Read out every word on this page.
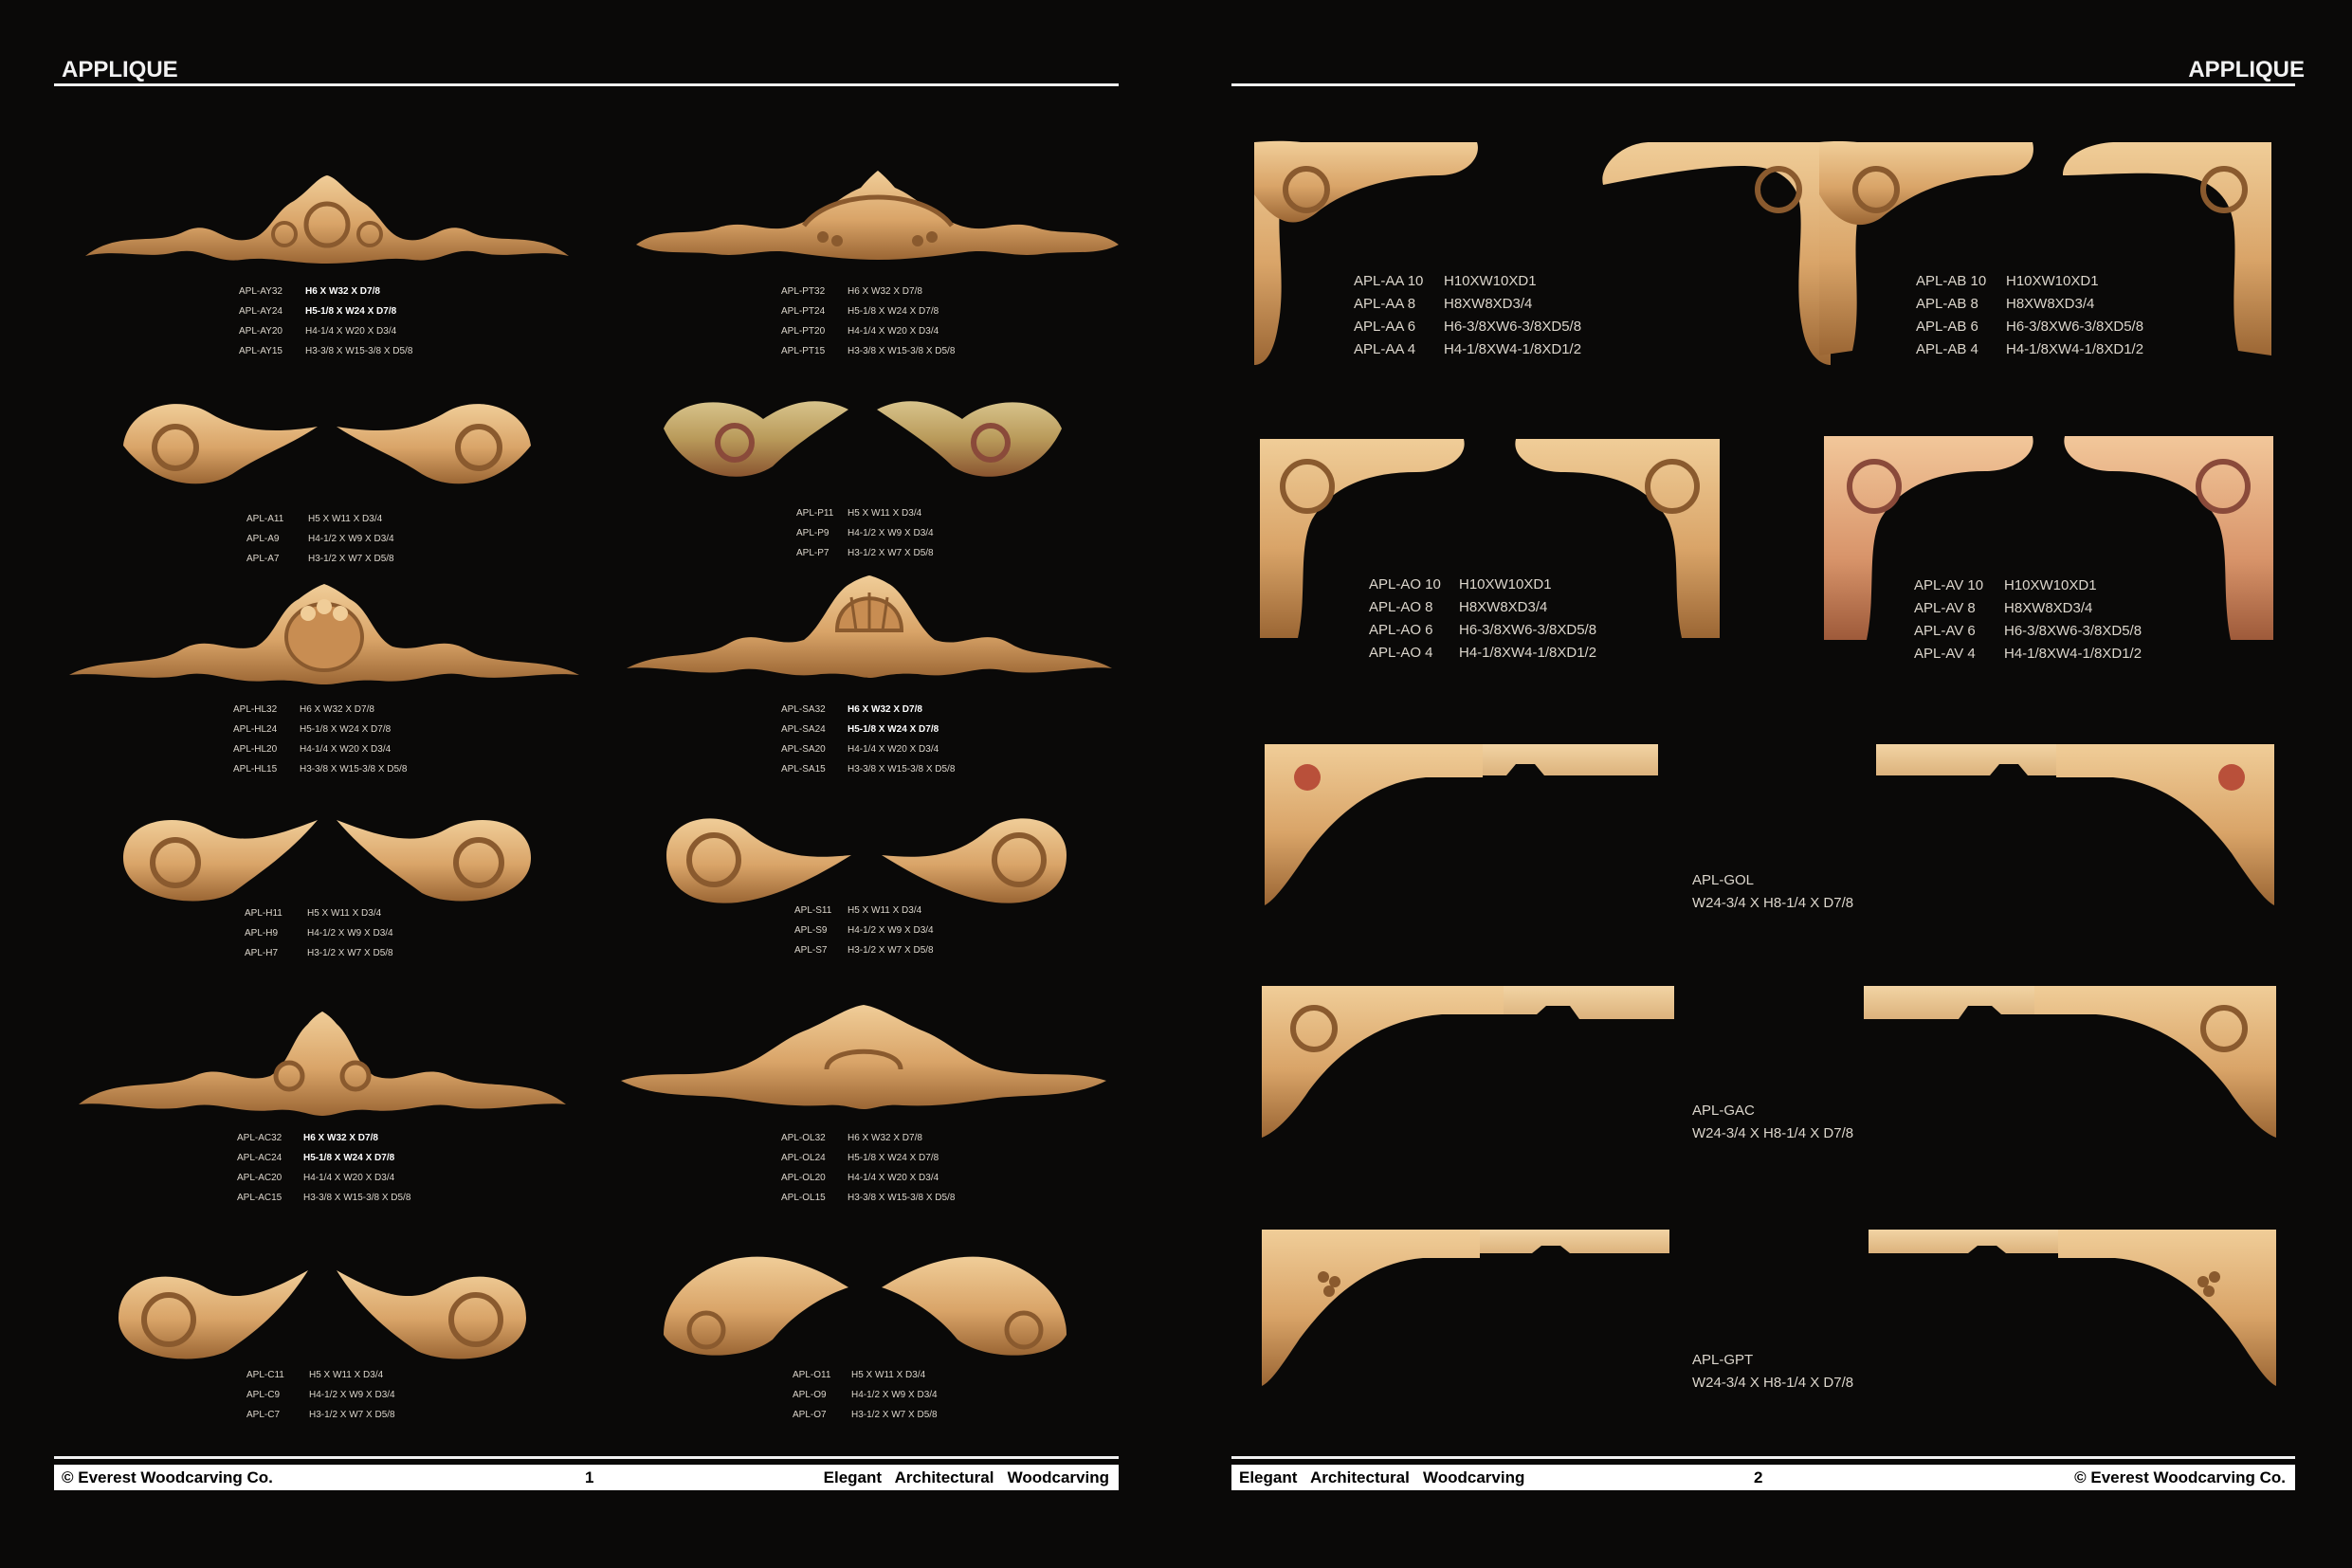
APPLIQUE
APL-AY32 H6 X W32 X D7/8
APL-AY24 H5-1/8 X W24 X D7/8
APL-AY20 H4-1/4 X W20 X D3/4
APL-AY15 H3-3/8 X W15-3/8 X D5/8
APL-PT32 H6 X W32 X D7/8
APL-PT24 H5-1/8 X W24 X D7/8
APL-PT20 H4-1/4 X W20 X D3/4
APL-PT15 H3-3/8 X W15-3/8 X D5/8
APL-A11	H5 X W11 X D3/4
APL-A9	H4-1/2 X W9 X D3/4
APL-A7	H3-1/2 X W7 X D5/8
APL-P11 H5 X W11 X D3/4
APL-P9 H4-1/2 X W9 X D3/4
APL-P7 H3-1/2 X W7 X D5/8
APL-HL32 H6 X W32 X D7/8
APL-HL24 H5-1/8 X W24 X D7/8
APL-HL20 H4-1/4 X W20 X D3/4
APL-HL15 H3-3/8 X W15-3/8 X D5/8
APL-SA32 H6 X W32 X D7/8
APL-SA24 H5-1/8 X W24 X D7/8
APL-SA20 H4-1/4 X W20 X D3/4
APL-SA15 H3-3/8 X W15-3/8 X D5/8
APL-H11	H5 X W11 X D3/4
APL-H9	H4-1/2 X W9 X D3/4
APL-H7	H3-1/2 X W7 X D5/8
APL-S11 H5 X W11 X D3/4
APL-S9 H4-1/2 X W9 X D3/4
APL-S7 H3-1/2 X W7 X D5/8
APL-AC32 H6 X W32 X D7/8
APL-AC24 H5-1/8 X W24 X D7/8
APL-AC20 H4-1/4 X W20 X D3/4
APL-AC15 H3-3/8 X W15-3/8 X D5/8
APL-OL32 H6 X W32 X D7/8
APL-OL24 H5-1/8 X W24 X D7/8
APL-OL20 H4-1/4 X W20 X D3/4
APL-OL15 H3-3/8 X W15-3/8 X D5/8
APL-C11	H5 X W11 X D3/4
APL-C9	H4-1/2 X W9 X D3/4
APL-C7	H3-1/2 X W7 X D5/8
APL-O11 H5 X W11 X D3/4
APL-O9	H4-1/2 X W9 X D3/4
APL-O7	H3-1/2 X W7 X D5/8
© Everest Woodcarving Co.	1	Elegant   Architectural   Woodcarving
APPLIQUE
APL-AA 10 H10XW10XD1
APL-AA 8 H8XW8XD3/4
APL-AA 6 H6-3/8XW6-3/8XD5/8
APL-AA 4 H4-1/8XW4-1/8XD1/2
APL-AB 10 H10XW10XD1
APL-AB 8 H8XW8XD3/4
APL-AB 6 H6-3/8XW6-3/8XD5/8
APL-AB 4 H4-1/8XW4-1/8XD1/2
APL-AO 10 H10XW10XD1
APL-AO 8 H8XW8XD3/4
APL-AO 6 H6-3/8XW6-3/8XD5/8
APL-AO 4 H4-1/8XW4-1/8XD1/2
APL-AV 10 H10XW10XD1
APL-AV 8 H8XW8XD3/4
APL-AV 6 H6-3/8XW6-3/8XD5/8
APL-AV 4 H4-1/8XW4-1/8XD1/2
APL-GOL
W24-3/4 X H8-1/4 X D7/8
APL-GAC
W24-3/4 X H8-1/4 X D7/8
APL-GPT
W24-3/4 X H8-1/4 X D7/8
Elegant   Architectural   Woodcarving	2	© Everest Woodcarving Co.
